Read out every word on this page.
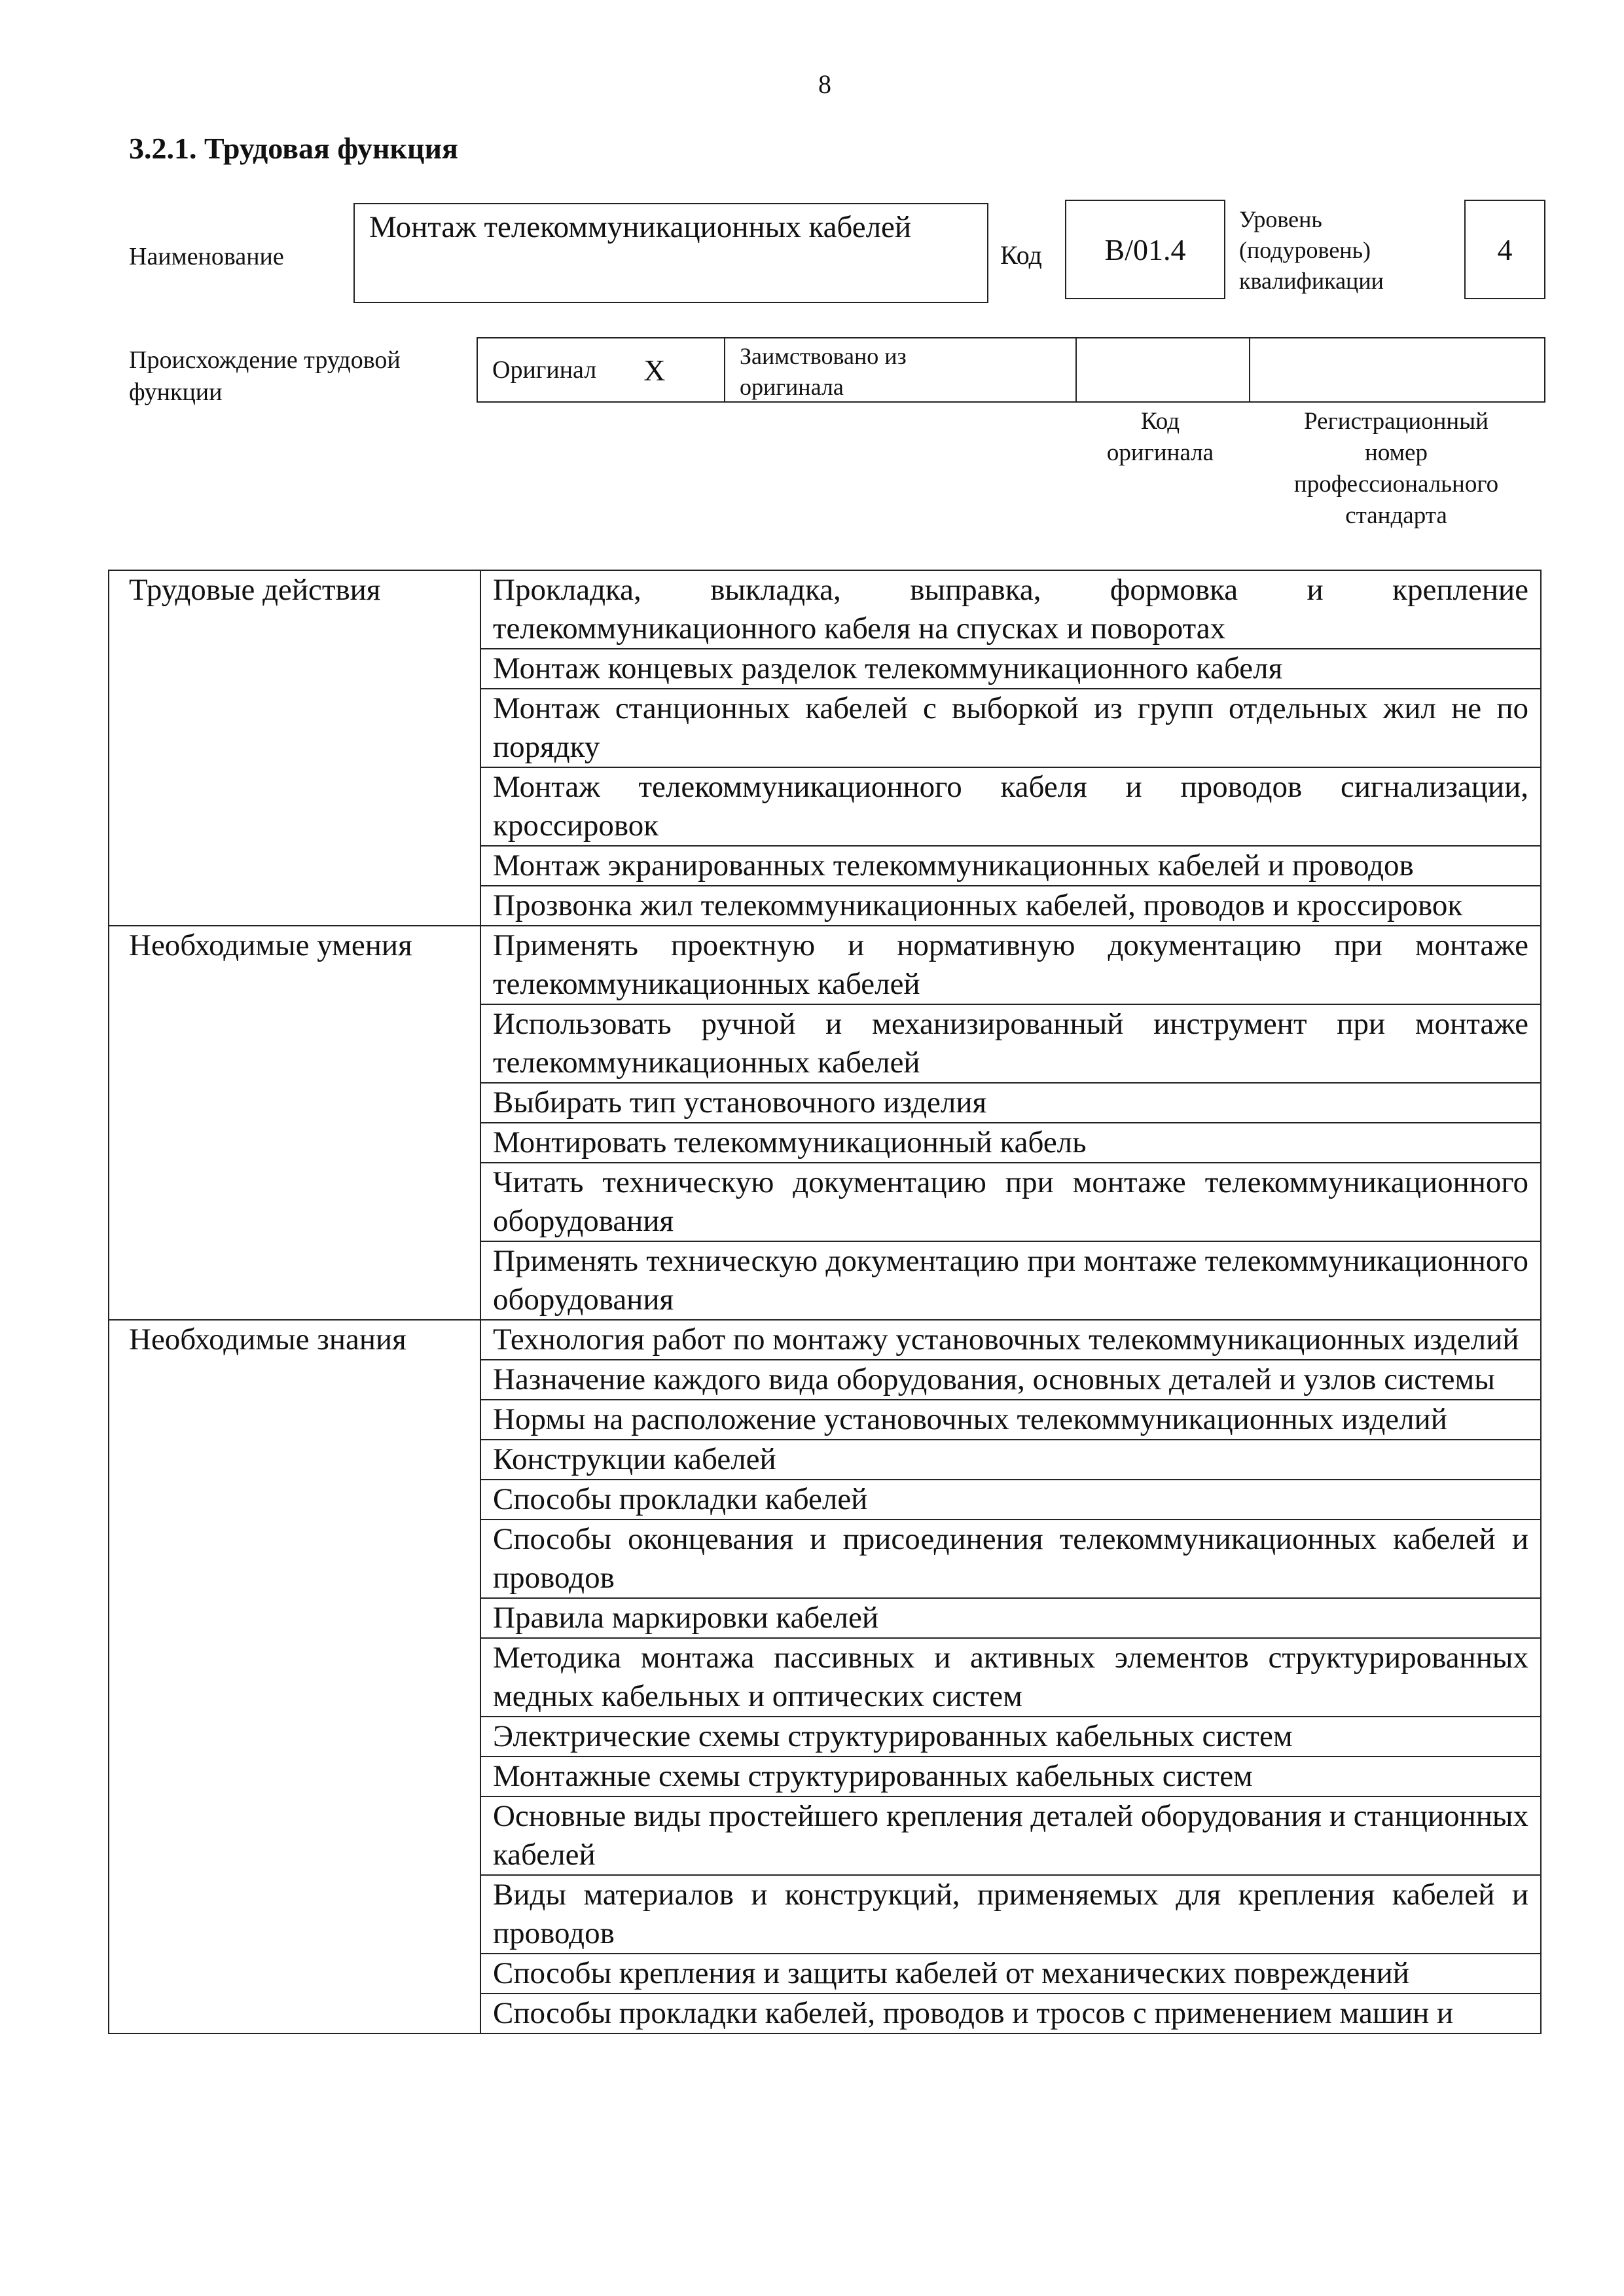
8
3.2.1. Трудовая функция
Наименование
Монтаж телекоммуникационных кабелей
Код	B/01.4
Уровень
(подуровень)
квалификации
4
Происхождение трудовой
функции
Оригинал X	Заимствовано из
оригинала
Код
оригинала
Регистрационный
номер
профессионального
стандарта
Трудовые действия	Прокладка, выкладка, выправка, формовка и крепление телекоммуникационного кабеля на спусках и поворотах
	Монтаж концевых разделок телекоммуникационного кабеля
	Монтаж станционных кабелей с выборкой из групп отдельных жил не по порядку
	Монтаж телекоммуникационного кабеля и проводов сигнализации, кроссировок
	Монтаж экранированных телекоммуникационных кабелей и проводов
	Прозвонка жил телекоммуникационных кабелей, проводов и кроссировок
Необходимые умения	Применять проектную и нормативную документацию при монтаже телекоммуникационных кабелей
	Использовать ручной и механизированный инструмент при монтаже телекоммуникационных кабелей
	Выбирать тип установочного изделия
	Монтировать телекоммуникационный кабель
	Читать техническую документацию при монтаже телекоммуникационного оборудования
	Применять техническую документацию при монтаже телекоммуникационного оборудования
Необходимые знания	Технология работ по монтажу установочных телекоммуникационных изделий
	Назначение каждого вида оборудования, основных деталей и узлов системы
	Нормы на расположение установочных телекоммуникационных изделий
	Конструкции кабелей
	Способы прокладки кабелей
	Способы оконцевания и присоединения телекоммуникационных кабелей и проводов
	Правила маркировки кабелей
	Методика монтажа пассивных и активных элементов структурированных медных кабельных и оптических систем
	Электрические схемы структурированных кабельных систем
	Монтажные схемы структурированных кабельных систем
	Основные виды простейшего крепления деталей оборудования и станционных кабелей
	Виды материалов и конструкций, применяемых для крепления кабелей и проводов
	Способы крепления и защиты кабелей от механических повреждений
	Способы прокладки кабелей, проводов и тросов с применением машин и
